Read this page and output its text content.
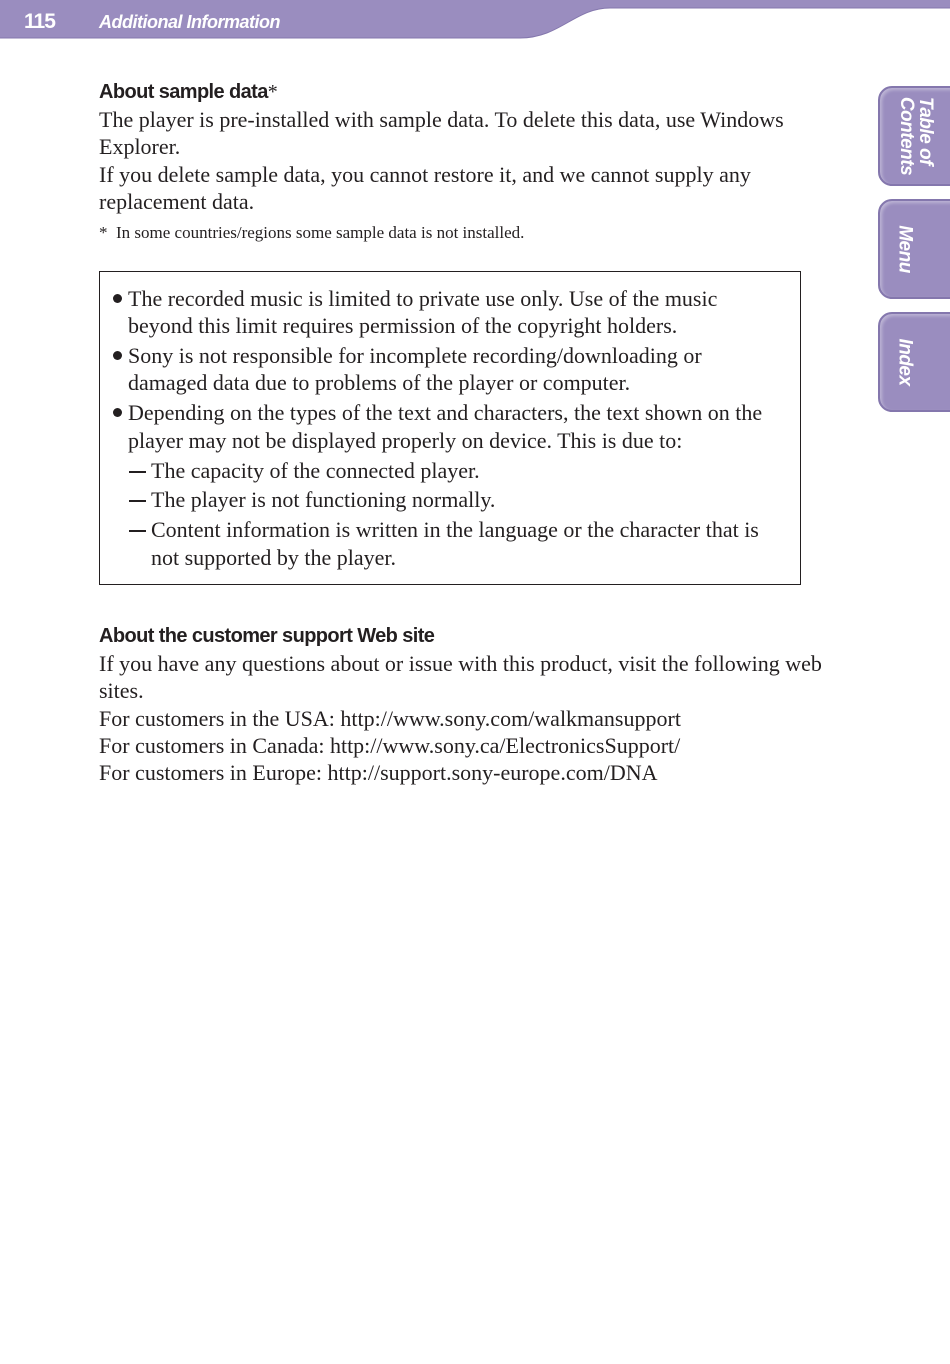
115 Additional Information
Table of
Contents
Menu
Index
About sample data*

The player is pre-installed with sample data. To delete this data, use Windows Explorer.

If you delete sample data, you cannot restore it, and we cannot supply any replacement data.

* In some countries/regions some sample data is not installed.
The recorded music is limited to private use only. Use of the music beyond this limit requires permission of the copyright holders.
Sony is not responsible for incomplete recording/downloading or damaged data due to problems of the player or computer.
Depending on the types of the text and characters, the text shown on the player may not be displayed properly on device. This is due to:
The capacity of the connected player.
The player is not functioning normally.
Content information is written in the language or the character that is not supported by the player.
About the customer support Web site

If you have any questions about or issue with this product, visit the following web sites.

For customers in the USA: http://www.sony.com/walkmansupport

For customers in Canada: http://www.sony.ca/ElectronicsSupport/

For customers in Europe: http://support.sony-europe.com/DNA
